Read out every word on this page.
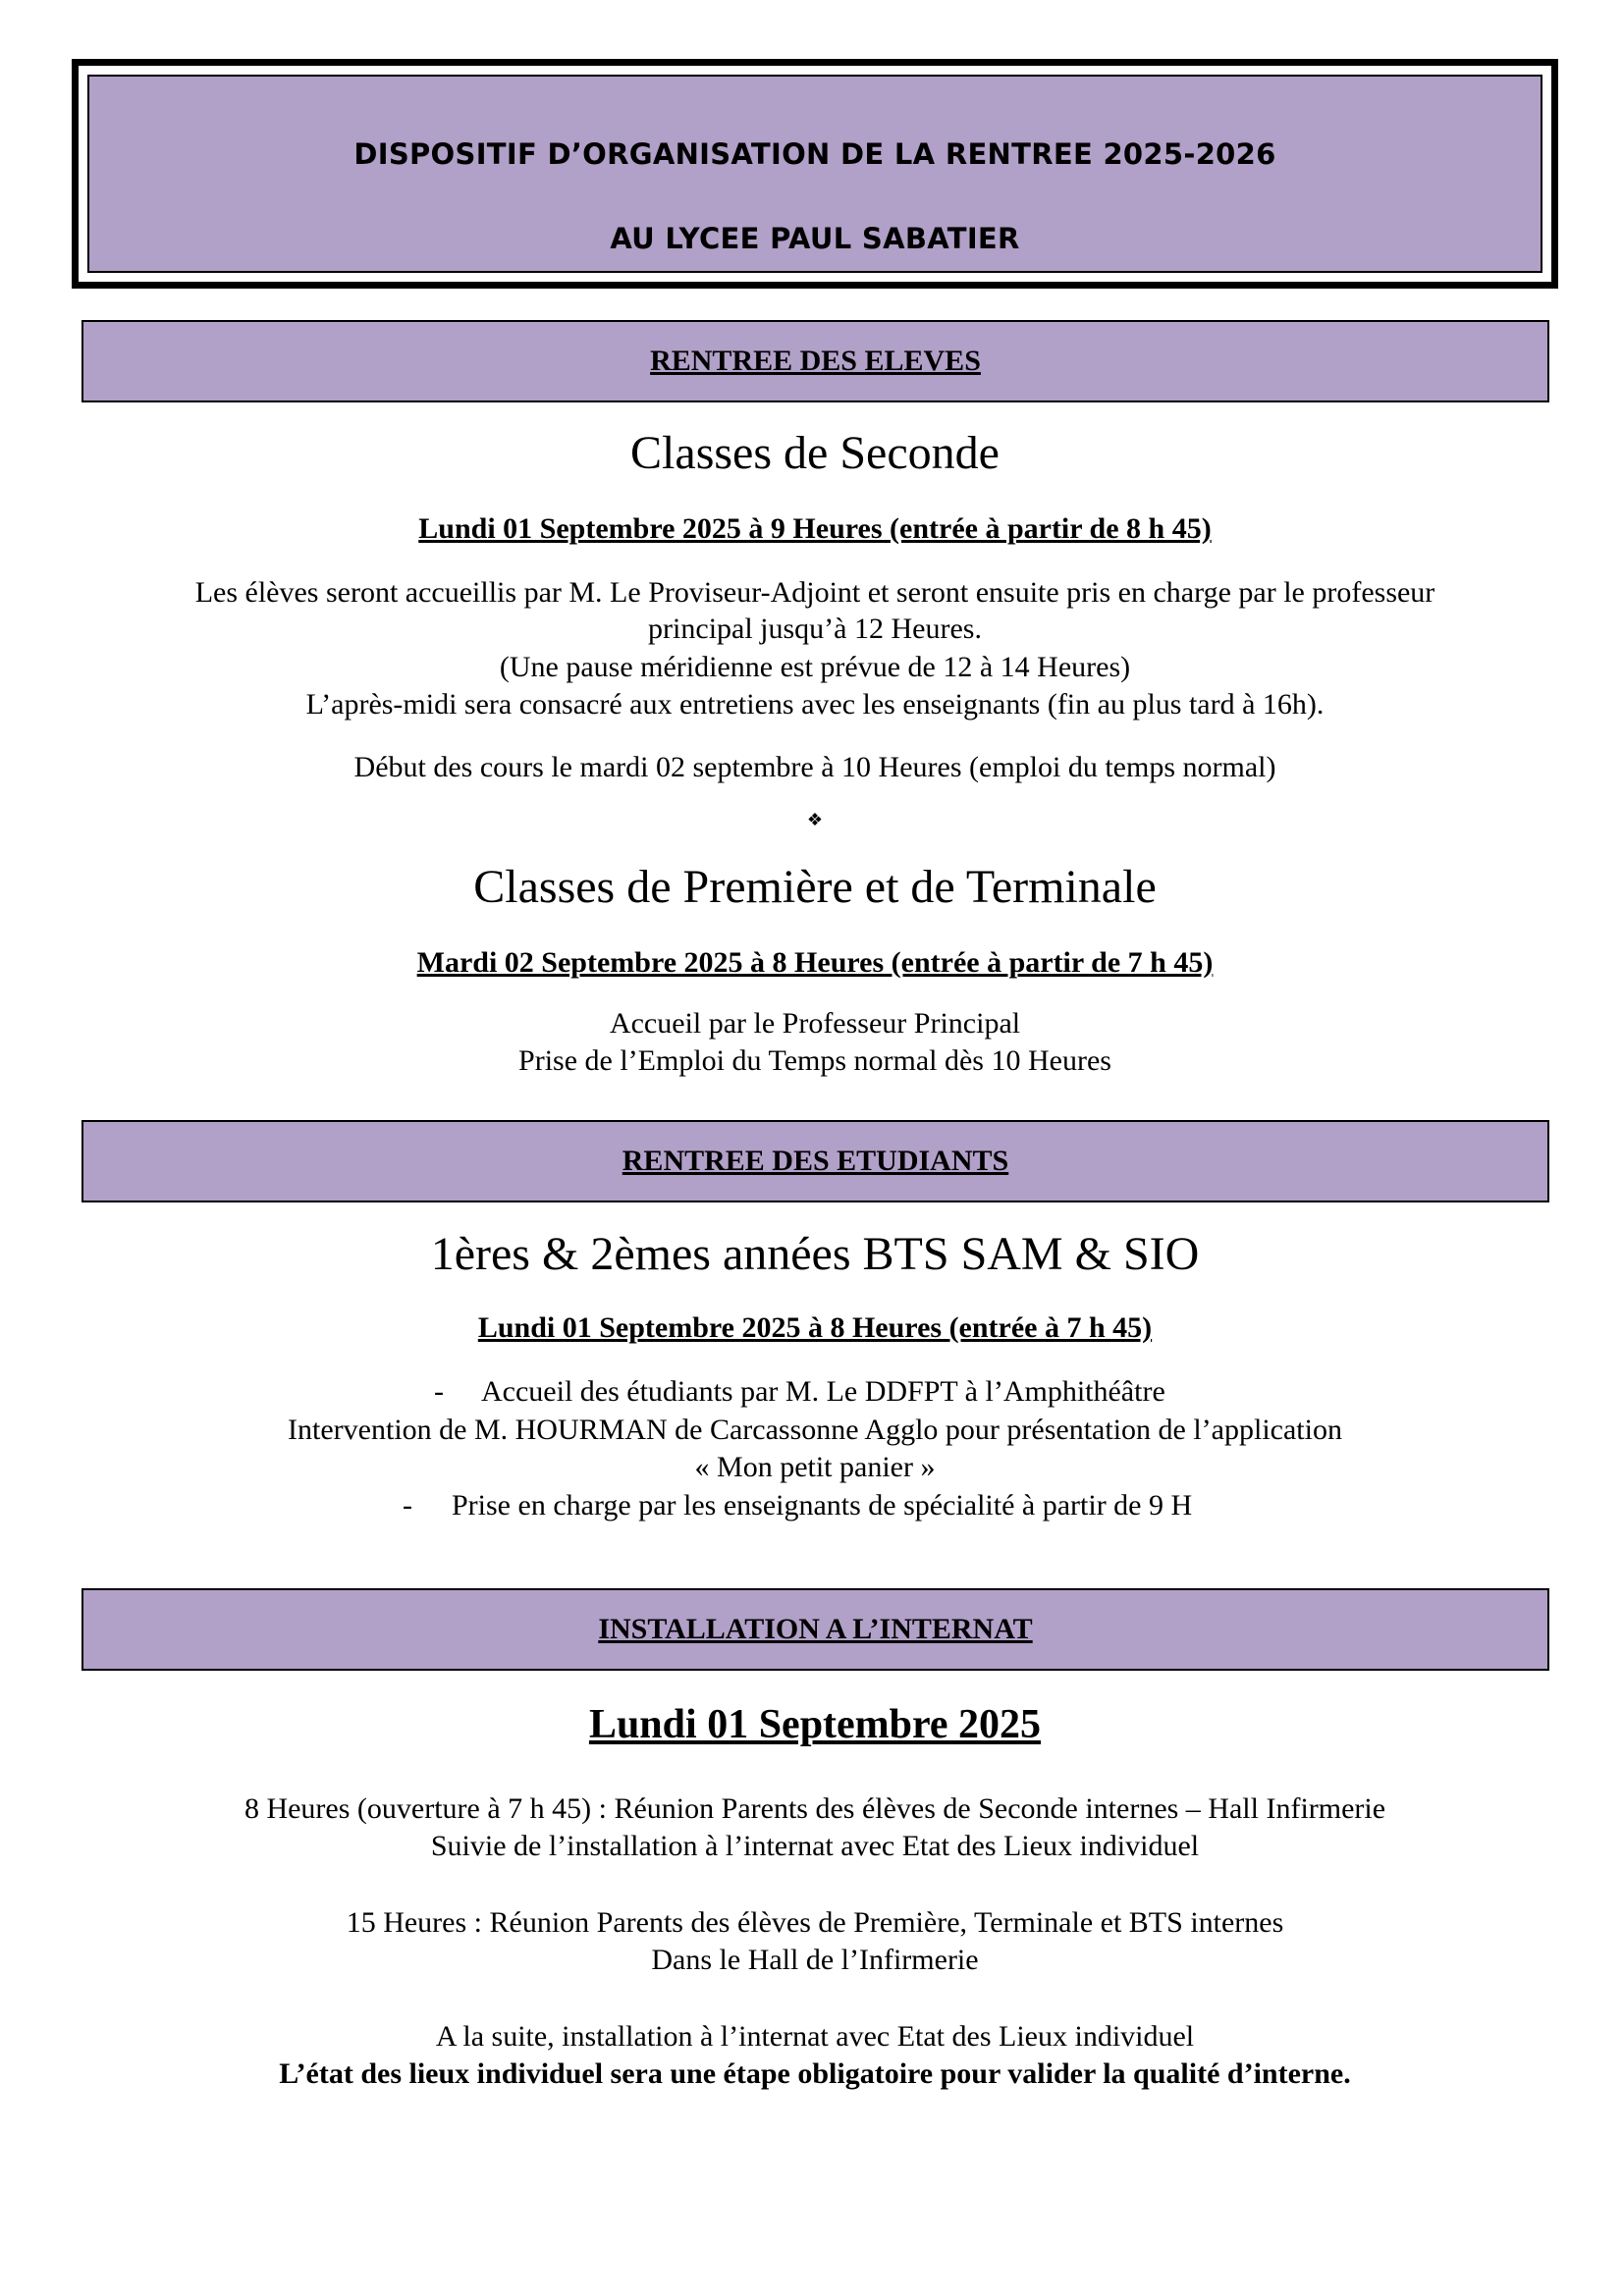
DISPOSITIF D’ORGANISATION DE LA RENTREE 2025-2026
AU LYCEE PAUL SABATIER
RENTREE DES ELEVES
Classes de Seconde
Lundi 01 Septembre 2025 à 9 Heures (entrée à partir de 8 h 45)
Les élèves seront accueillis par M. Le Proviseur-Adjoint et seront ensuite pris en charge par le professeur
principal jusqu’à 12 Heures.
(Une pause méridienne est prévue de 12 à 14 Heures)
L’après-midi sera consacré aux entretiens avec les enseignants (fin au plus tard à 16h).
Début des cours le mardi 02 septembre à 10 Heures (emploi du temps normal)
❖
Classes de Première et de Terminale
Mardi 02 Septembre 2025 à 8 Heures (entrée à partir de 7 h 45)
Accueil par le Professeur Principal
Prise de l’Emploi du Temps normal dès 10 Heures
RENTREE DES ETUDIANTS
1ères & 2èmes années BTS SAM & SIO
Lundi 01 Septembre 2025 à 8 Heures (entrée à 7 h 45)
- Accueil des étudiants par M. Le DDFPT à l’Amphithéâtre
Intervention de M. HOURMAN de Carcassonne Agglo pour présentation de l’application
« Mon petit panier »
- Prise en charge par les enseignants de spécialité à partir de 9 H
INSTALLATION A L’INTERNAT
Lundi 01 Septembre 2025
8 Heures (ouverture à 7 h 45) : Réunion Parents des élèves de Seconde internes – Hall Infirmerie
Suivie de l’installation à l’internat avec Etat des Lieux individuel
15 Heures : Réunion Parents des élèves de Première, Terminale et BTS internes
Dans le Hall de l’Infirmerie
A la suite, installation à l’internat avec Etat des Lieux individuel
L’état des lieux individuel sera une étape obligatoire pour valider la qualité d’interne.
